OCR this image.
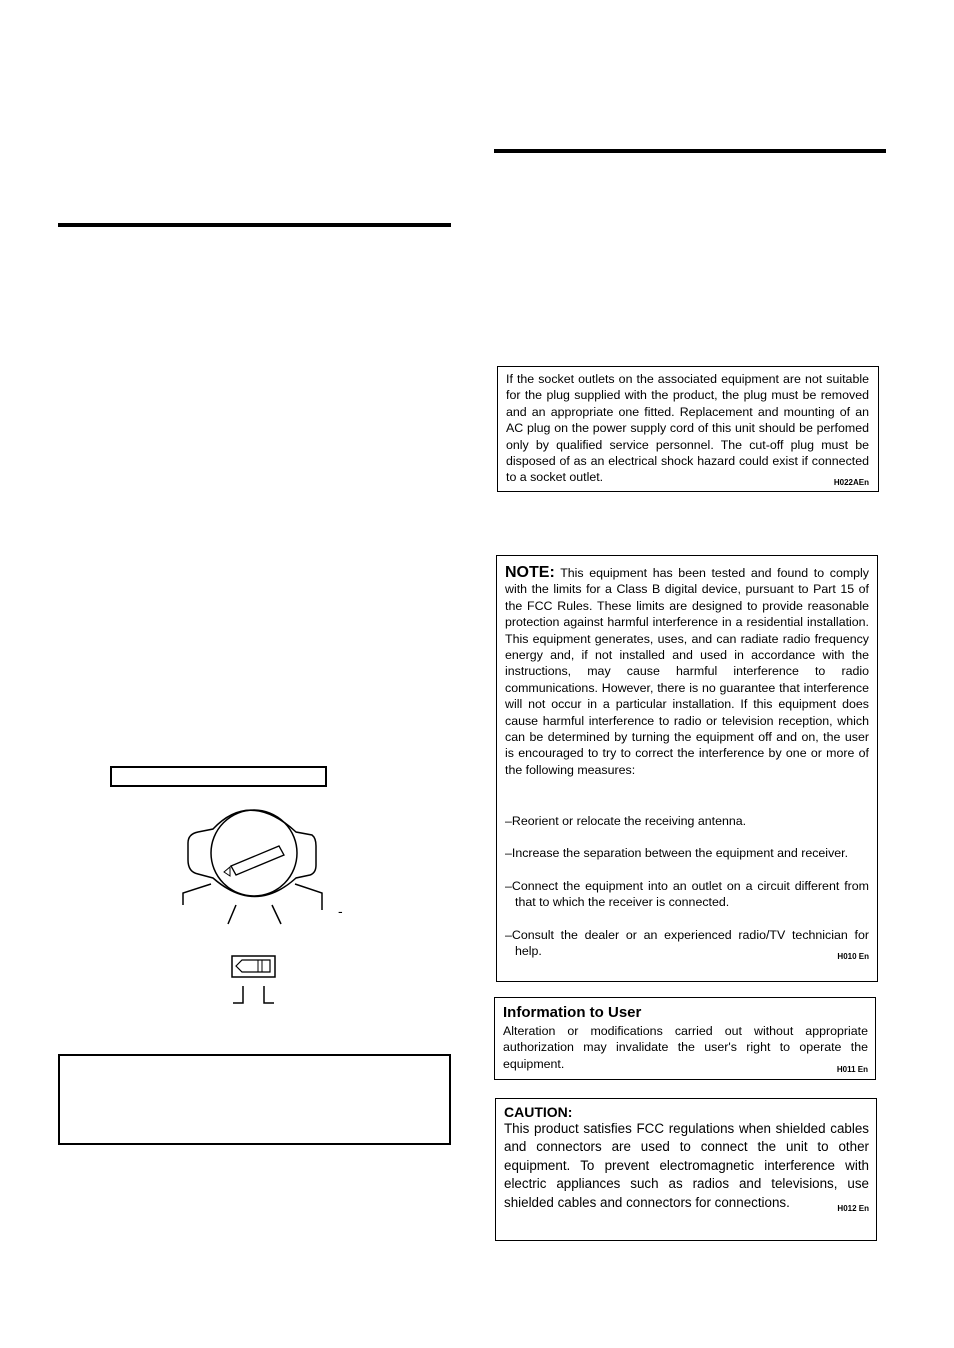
If the socket outlets on the associated equipment are not suitable for the plug supplied with the product, the plug must be removed and an appropriate one fitted. Replacement and mounting of an AC plug on the power supply cord of this unit should be perfomed only by qualified service personnel. The cut-off plug must be disposed of as an electrical shock hazard could exist if connected to a socket outlet.	H022AEn

NOTE: This equipment has been tested and found to comply with the limits for a Class B digital device, pursuant to Part 15 of the FCC Rules. These limits are designed to provide reasonable protection against harmful interference in a residential installation. This equipment generates, uses, and can radiate radio frequency energy and, if not installed and used in accordance with the instructions, may cause harmful interference to radio communications. However, there is no guarantee that interference will not occur in a particular installation. If this equipment does cause harmful interference to radio or television reception, which can be determined by turning the equipment off and on, the user is encouraged to try to correct the interference by one or more of the following measures:

–Reorient or relocate the receiving antenna.
–Increase the separation between the equipment and receiver.
–Connect the equipment into an outlet on a circuit different from that to which the receiver is connected.
–Consult the dealer or an experienced radio/TV technician for help.	H010 En

Information to User

Alteration or modifications carried out without appropriate authorization may invalidate the user's right to operate the equipment.	H011 En

CAUTION:

This product satisfies FCC regulations when shielded cables and connectors are used to connect the unit to other equipment. To prevent electromagnetic interference with electric appliances such as radios and televisions, use shielded cables and connectors for connections.	H012 En

-
